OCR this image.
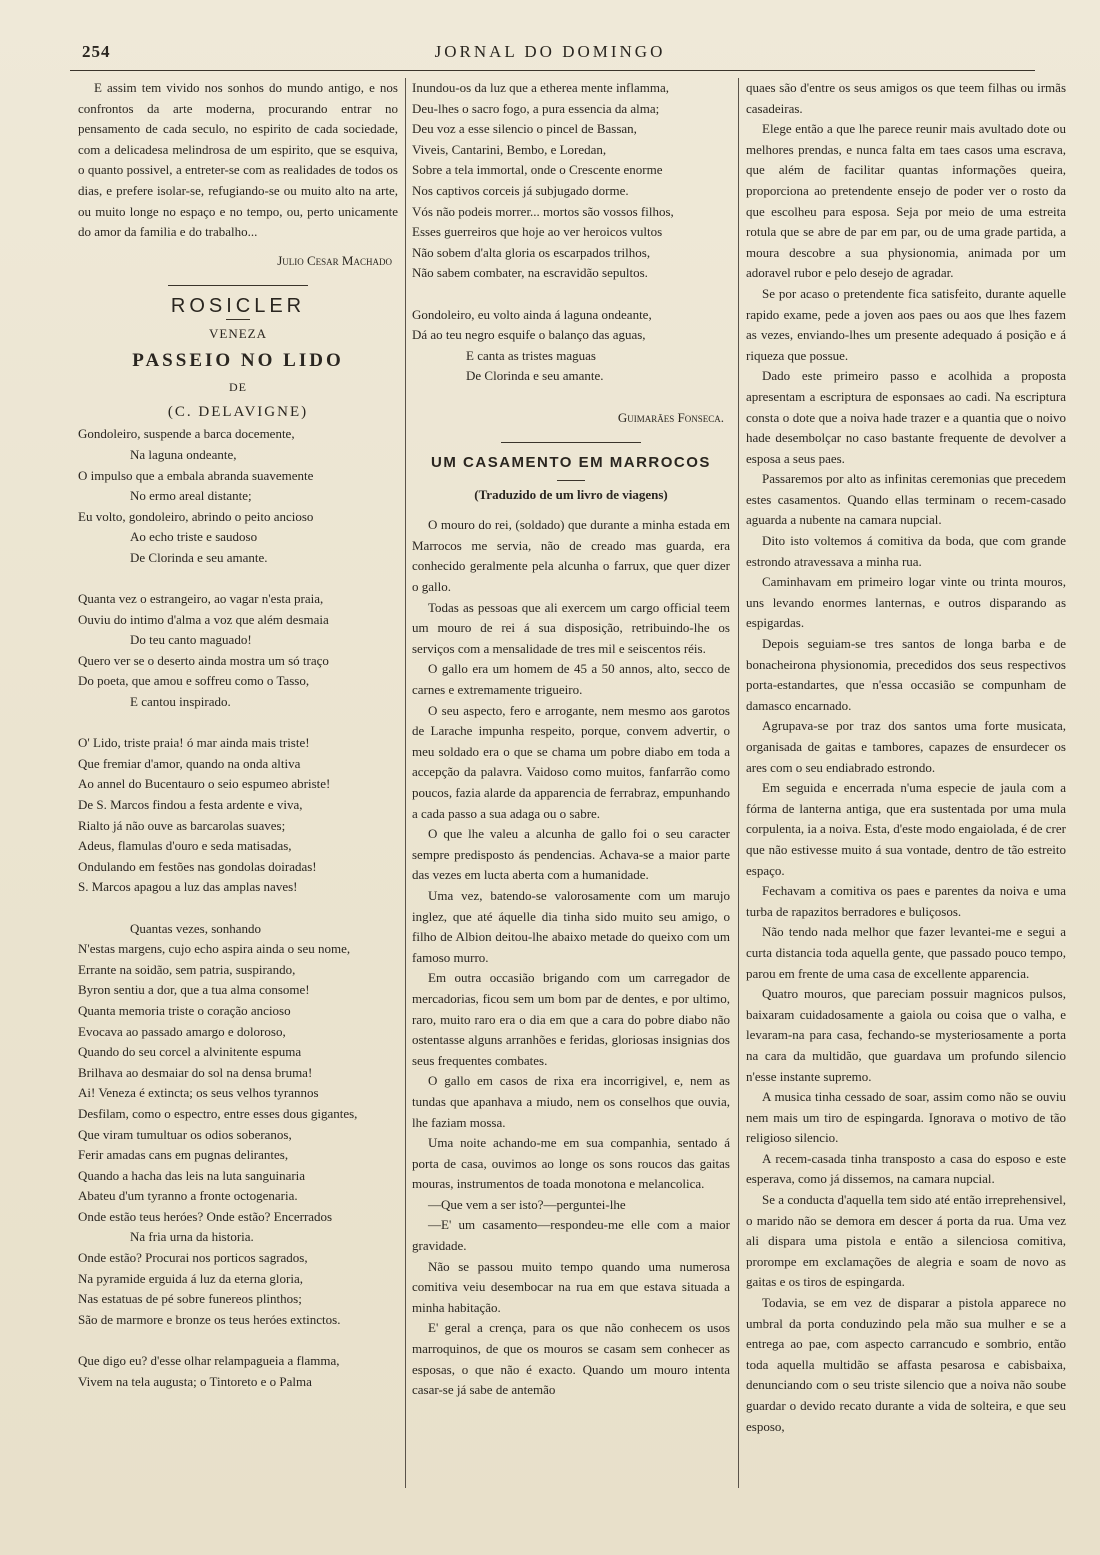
254	JORNAL DO DOMINGO

E assim tem vivido nos sonhos do mundo antigo, e nos confrontos da arte moderna, procurando entrar no pensamento de cada seculo, no espirito de cada sociedade, com a delicadesa melindrosa de um espirito, que se esquiva, o quanto possivel, a entreter-se com as realidades de todos os dias, e prefere isolar-se, refugiando-se ou muito alto na arte, ou muito longe no espaço e no tempo, ou, perto unicamente do amor da familia e do trabalho...

Julio Cesar Machado
ROSICLER
VENEZA
PASSEIO NO LIDO
DE
(C. DELAVIGNE)
Gondoleiro, suspende a barca docemente,
Na laguna ondeante,
O impulso que a embala abranda suavemente
No ermo areal distante;
Eu volto, gondoleiro, abrindo o peito ancioso
Ao echo triste e saudoso
De Clorinda e seu amante.
Quanta vez o estrangeiro, ao vagar n'esta praia,
Ouviu do intimo d'alma a voz que além desmaia
Do teu canto maguado!
Quero ver se o deserto ainda mostra um só traço
Do poeta, que amou e soffreu como o Tasso,
E cantou inspirado.
O' Lido, triste praia! ó mar ainda mais triste!
Que fremiar d'amor, quando na onda altiva
Ao annel do Bucentauro o seio espumeo abriste!
De S. Marcos findou a festa ardente e viva,
Rialto já não ouve as barcarolas suaves;
Adeus, flamulas d'ouro e seda matisadas,
Ondulando em festões nas gondolas doiradas!
S. Marcos apagou a luz das amplas naves!
Quantas vezes, sonhando
N'estas margens, cujo echo aspira ainda o seu nome,
Errante na soidão, sem patria, suspirando,
Byron sentiu a dor, que a tua alma consome!
Quanta memoria triste o coração ancioso
Evocava ao passado amargo e doloroso,
Quando do seu corcel a alvinitente espuma
Brilhava ao desmaiar do sol na densa bruma!
Ai! Veneza é extincta; os seus velhos tyrannos
Desfilam, como o espectro, entre esses dous gigantes,
Que viram tumultuar os odios soberanos,
Ferir amadas cans em pugnas delirantes,
Quando a hacha das leis na luta sanguinaria
Abateu d'um tyranno a fronte octogenaria.
Onde estão teus heróes? Onde estão? Encerrados
Na fria urna da historia.
Onde estão? Procurai nos porticos sagrados,
Na pyramide erguida á luz da eterna gloria,
Nas estatuas de pé sobre funereos plinthos;
São de marmore e bronze os teus heróes extinctos.
Que digo eu? d'esse olhar relampagueia a flamma,
Vivem na tela augusta; o Tintoreto e o Palma
Inundou-os da luz que a etherea mente inflamma,
Deu-lhes o sacro fogo, a pura essencia da alma;
Deu voz a esse silencio o pincel de Bassan,
Viveis, Cantarini, Bembo, e Loredan,
Sobre a tela immortal, onde o Crescente enorme
Nos captivos corceis já subjugado dorme.
Vós não podeis morrer... mortos são vossos filhos,
Esses guerreiros que hoje ao ver heroicos vultos
Não sobem d'alta gloria os escarpados trilhos,
Não sabem combater, na escravidão sepultos.
Gondoleiro, eu volto ainda á laguna ondeante,
Dá ao teu negro esquife o balanço das aguas,
E canta as tristes maguas
De Clorinda e seu amante.
Guimarães Fonseca.
UM CASAMENTO EM MARROCOS
(Traduzido de um livro de viagens)

O mouro do rei, (soldado) que durante a minha estada em Marrocos me servia, não de creado mas guarda, era conhecido geralmente pela alcunha o farrux, que quer dizer o gallo.

Todas as pessoas que ali exercem um cargo official teem um mouro de rei á sua disposição, retribuindo-lhe os serviços com a mensalidade de tres mil e seiscentos réis.

O gallo era um homem de 45 a 50 annos, alto, secco de carnes e extremamente trigueiro.

O seu aspecto, fero e arrogante, nem mesmo aos garotos de Larache impunha respeito, porque, convem advertir, o meu soldado era o que se chama um pobre diabo em toda a accepção da palavra. Vaidoso como muitos, fanfarrão como poucos, fazia alarde da apparencia de ferrabraz, empunhando a cada passo a sua adaga ou o sabre.

O que lhe valeu a alcunha de gallo foi o seu caracter sempre predisposto ás pendencias. Achava-se a maior parte das vezes em lucta aberta com a humanidade.

Uma vez, batendo-se valorosamente com um marujo inglez, que até áquelle dia tinha sido muito seu amigo, o filho de Albion deitou-lhe abaixo metade do queixo com um famoso murro.

Em outra occasião brigando com um carregador de mercadorias, ficou sem um bom par de dentes, e por ultimo, raro, muito raro era o dia em que a cara do pobre diabo não ostentasse alguns arranhões e feridas, gloriosas insignias dos seus frequentes combates.

O gallo em casos de rixa era incorrigivel, e, nem as tundas que apanhava a miudo, nem os conselhos que ouvia, lhe faziam mossa.

Uma noite achando-me em sua companhia, sentado á porta de casa, ouvimos ao longe os sons roucos das gaitas mouras, instrumentos de toada monotona e melancolica.

—Que vem a ser isto?—perguntei-lhe

—E' um casamento—respondeu-me elle com a maior gravidade.

Não se passou muito tempo quando uma numerosa comitiva veiu desembocar na rua em que estava situada a minha habitação.

E' geral a crença, para os que não conhecem os usos marroquinos, de que os mouros se casam sem conhecer as esposas, o que não é exacto. Quando um mouro intenta casar-se já sabe de antemão

quaes são d'entre os seus amigos os que teem filhas ou irmãs casadeiras.

Elege então a que lhe parece reunir mais avultado dote ou melhores prendas, e nunca falta em taes casos uma escrava, que além de facilitar quantas informações queira, proporciona ao pretendente ensejo de poder ver o rosto da que escolheu para esposa. Seja por meio de uma estreita rotula que se abre de par em par, ou de uma grade partida, a moura descobre a sua physionomia, animada por um adoravel rubor e pelo desejo de agradar.

Se por acaso o pretendente fica satisfeito, durante aquelle rapido exame, pede a joven aos paes ou aos que lhes fazem as vezes, enviando-lhes um presente adequado á posição e á riqueza que possue.

Dado este primeiro passo e acolhida a proposta apresentam a escriptura de esponsaes ao cadi. Na escriptura consta o dote que a noiva hade trazer e a quantia que o noivo hade desembolçar no caso bastante frequente de devolver a esposa a seus paes.

Passaremos por alto as infinitas ceremonias que precedem estes casamentos. Quando ellas terminam o recem-casado aguarda a nubente na camara nupcial.

Dito isto voltemos á comitiva da boda, que com grande estrondo atravessava a minha rua.

Caminhavam em primeiro logar vinte ou trinta mouros, uns levando enormes lanternas, e outros disparando as espigardas.

Depois seguiam-se tres santos de longa barba e de bonacheirona physionomia, precedidos dos seus respectivos porta-estandartes, que n'essa occasião se compunham de damasco encarnado.

Agrupava-se por traz dos santos uma forte musicata, organisada de gaitas e tambores, capazes de ensurdecer os ares com o seu endiabrado estrondo.

Em seguida e encerrada n'uma especie de jaula com a fórma de lanterna antiga, que era sustentada por uma mula corpulenta, ia a noiva. Esta, d'este modo engaiolada, é de crer que não estivesse muito á sua vontade, dentro de tão estreito espaço.

Fechavam a comitiva os paes e parentes da noiva e uma turba de rapazitos berradores e buliçosos.

Não tendo nada melhor que fazer levantei-me e segui a curta distancia toda aquella gente, que passado pouco tempo, parou em frente de uma casa de excellente apparencia.

Quatro mouros, que pareciam possuir magnicos pulsos, baixaram cuidadosamente a gaiola ou coisa que o valha, e levaram-na para casa, fechando-se mysteriosamente a porta na cara da multidão, que guardava um profundo silencio n'esse instante supremo.

A musica tinha cessado de soar, assim como não se ouviu nem mais um tiro de espingarda. Ignorava o motivo de tão religioso silencio.

A recem-casada tinha transposto a casa do esposo e este esperava, como já dissemos, na camara nupcial.

Se a conducta d'aquella tem sido até então irreprehensivel, o marido não se demora em descer á porta da rua. Uma vez ali dispara uma pistola e então a silenciosa comitiva, prorompe em exclamações de alegria e soam de novo as gaitas e os tiros de espingarda.

Todavia, se em vez de disparar a pistola apparece no umbral da porta conduzindo pela mão sua mulher e se a entrega ao pae, com aspecto carrancudo e sombrio, então toda aquella multidão se affasta pesarosa e cabisbaixa, denunciando com o seu triste silencio que a noiva não soube guardar o devido recato durante a vida de solteira, e que seu esposo,
